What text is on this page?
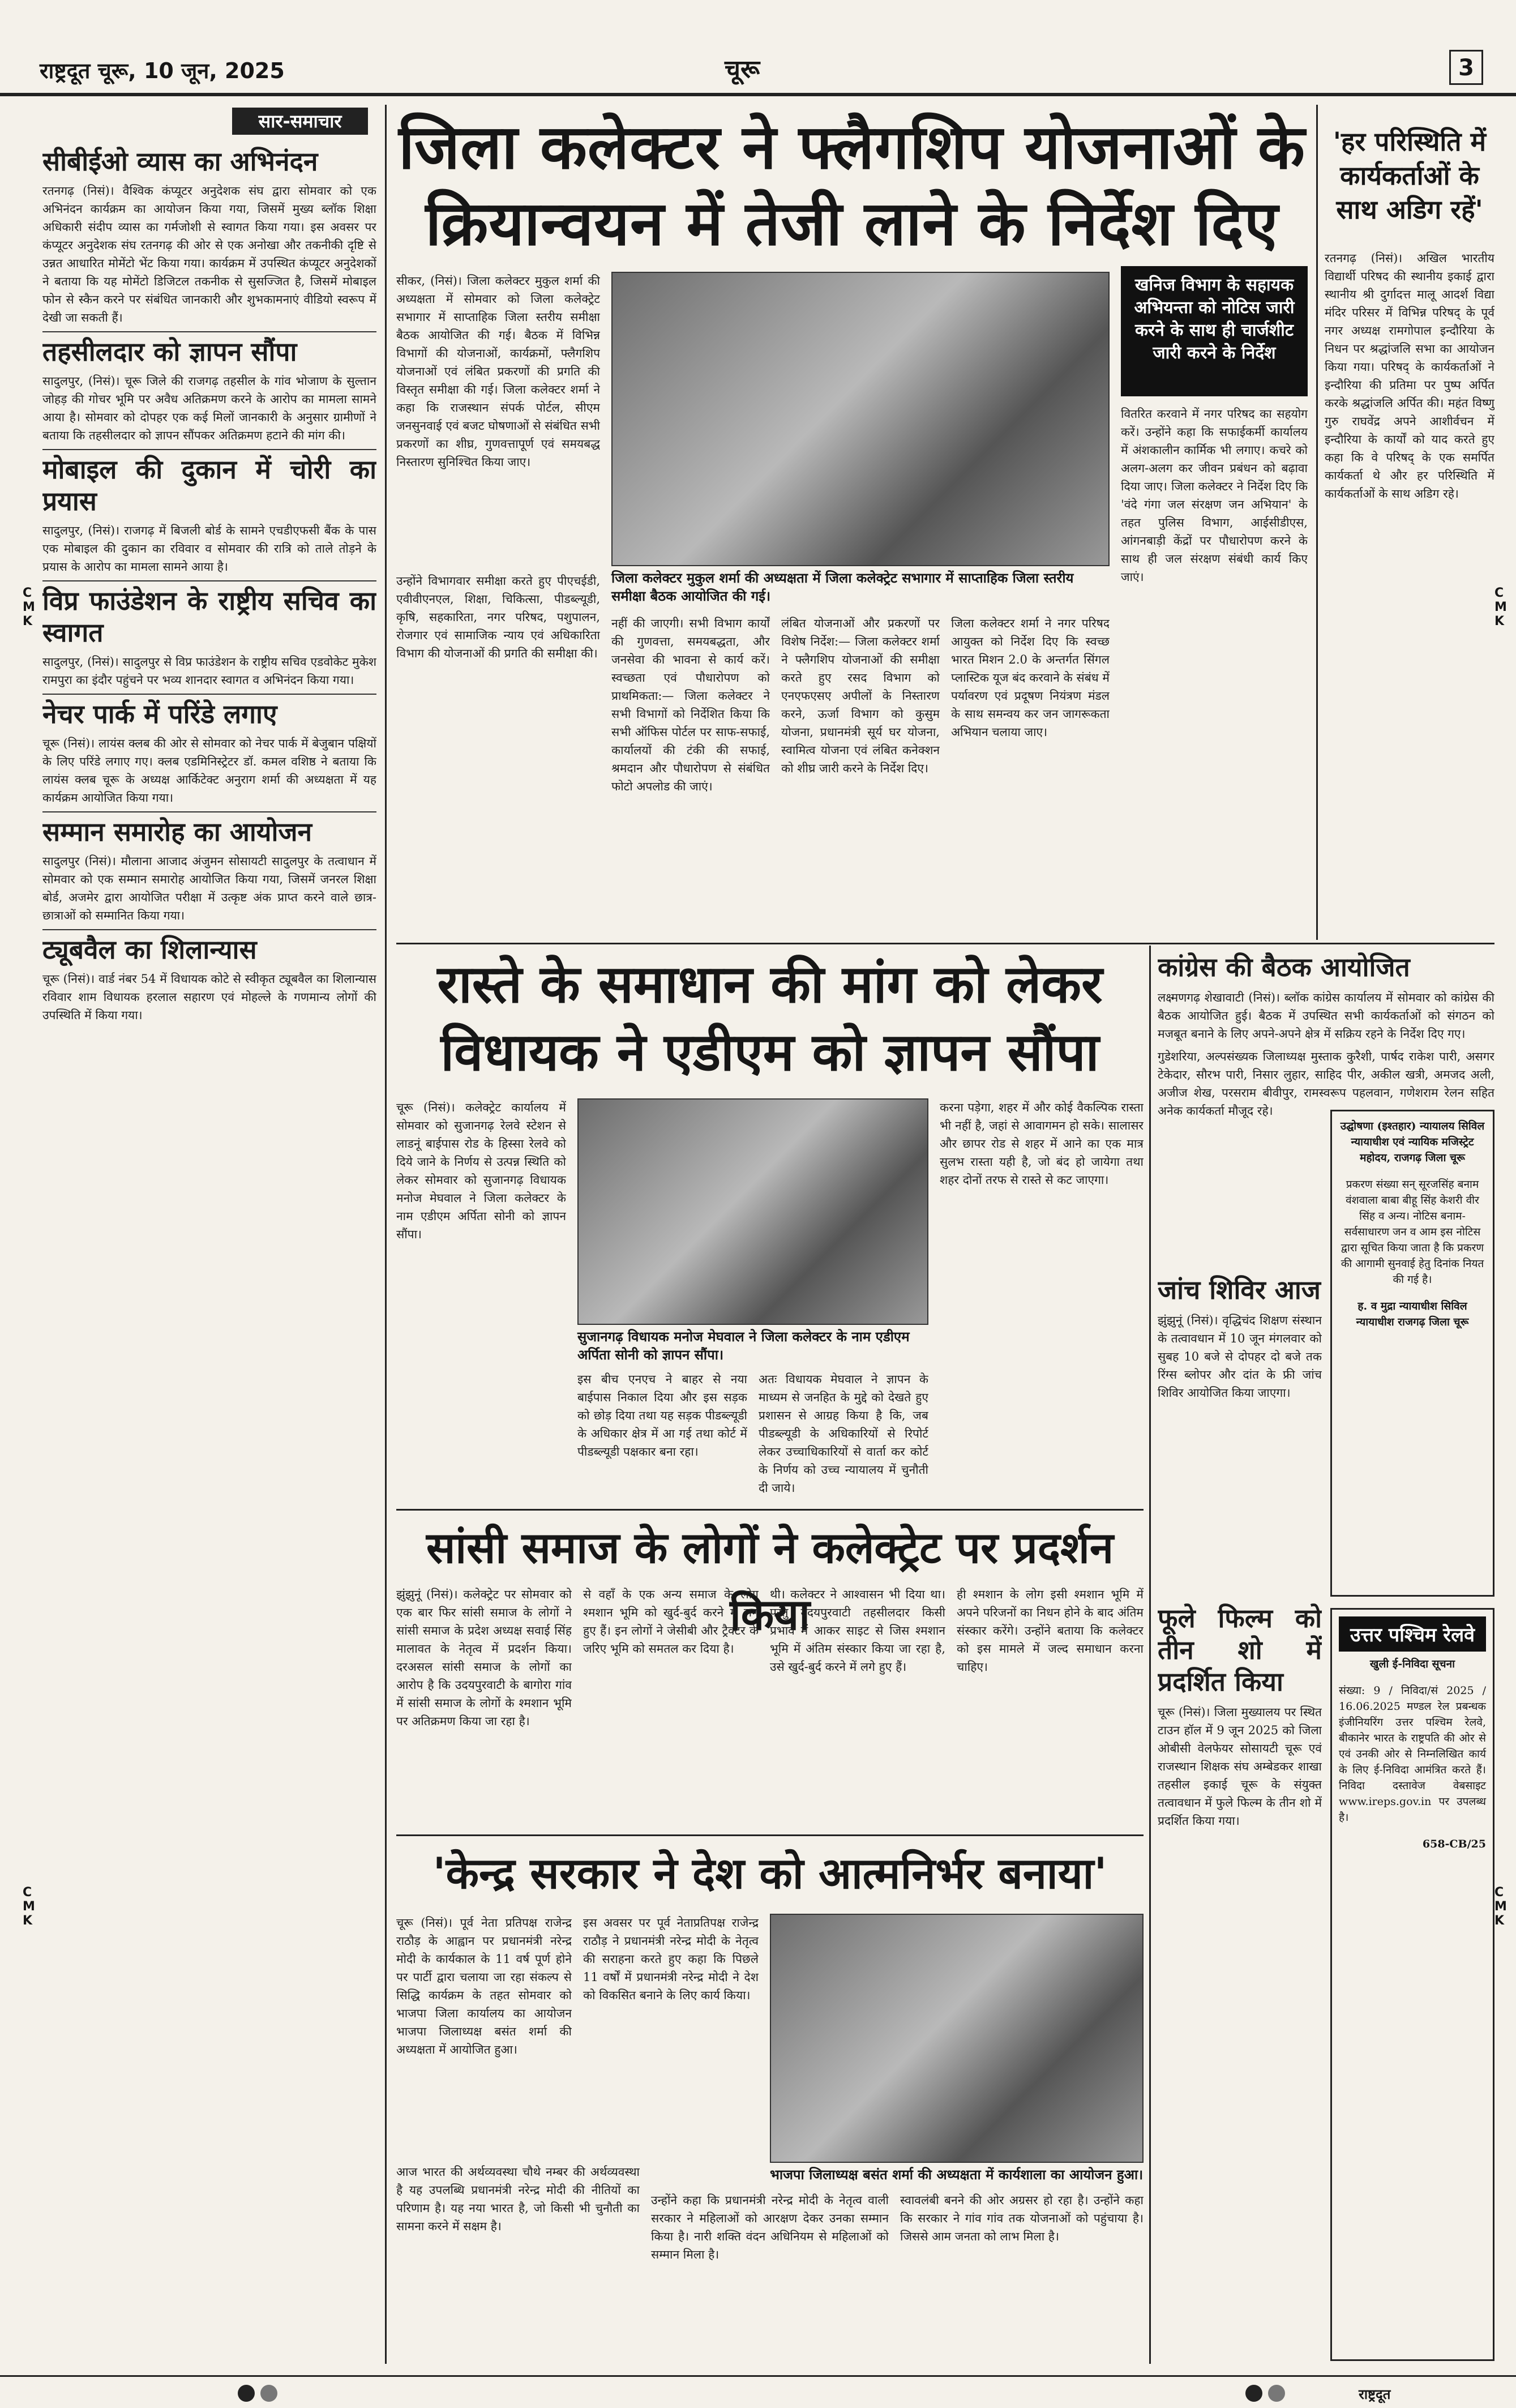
राष्ट्रदूत चूरू, 10 जून, 2025	चूरू	3
C
M
K
C
M
K
C
M
K
C
M
K
सार-समाचार
सीबीईओ व्यास का अभिनंदन

रतनगढ़ (निसं)। वैश्विक कंप्यूटर अनुदेशक संघ द्वारा सोमवार को एक अभिनंदन कार्यक्रम का आयोजन किया गया, जिसमें मुख्य ब्लॉक शिक्षा अधिकारी संदीप व्यास का गर्मजोशी से स्वागत किया गया। इस अवसर पर कंप्यूटर अनुदेशक संघ रतनगढ़ की ओर से एक अनोखा और तकनीकी दृष्टि से उन्नत आधारित मोमेंटो भेंट किया गया। कार्यक्रम में उपस्थित कंप्यूटर अनुदेशकों ने बताया कि यह मोमेंटो डिजिटल तकनीक से सुसज्जित है, जिसमें मोबाइल फोन से स्कैन करने पर संबंधित जानकारी और शुभकामनाएं वीडियो स्वरूप में देखी जा सकती हैं।

तहसीलदार को ज्ञापन सौंपा

सादुलपुर, (निसं)। चूरू जिले की राजगढ़ तहसील के गांव भोजाण के सुल्तान जोहड़ की गोचर भूमि पर अवैध अतिक्रमण करने के आरोप का मामला सामने आया है। सोमवार को दोपहर एक कई मिलों जानकारी के अनुसार ग्रामीणों ने बताया कि तहसीलदार को ज्ञापन सौंपकर अतिक्रमण हटाने की मांग की।

मोबाइल की दुकान में चोरी का प्रयास

सादुलपुर, (निसं)। राजगढ़ में बिजली बोर्ड के सामने एचडीएफसी बैंक के पास एक मोबाइल की दुकान का रविवार व सोमवार की रात्रि को ताले तोड़ने के प्रयास के आरोप का मामला सामने आया है।

विप्र फाउंडेशन के राष्ट्रीय सचिव का स्वागत

सादुलपुर, (निसं)। सादुलपुर से विप्र फाउंडेशन के राष्ट्रीय सचिव एडवोकेट मुकेश रामपुरा का इंदौर पहुंचने पर भव्य शानदार स्वागत व अभिनंदन किया गया।

नेचर पार्क में परिंडे लगाए

चूरू (निसं)। लायंस क्लब की ओर से सोमवार को नेचर पार्क में बेजुबान पक्षियों के लिए परिंडे लगाए गए। क्लब एडमिनिस्ट्रेटर डॉ. कमल वशिष्ठ ने बताया कि लायंस क्लब चूरू के अध्यक्ष आर्किटेक्ट अनुराग शर्मा की अध्यक्षता में यह कार्यक्रम आयोजित किया गया।

सम्मान समारोह का आयोजन

सादुलपुर (निसं)। मौलाना आजाद अंजुमन सोसायटी सादुलपुर के तत्वाधान में सोमवार को एक सम्मान समारोह आयोजित किया गया, जिसमें जनरल शिक्षा बोर्ड, अजमेर द्वारा आयोजित परीक्षा में उत्कृष्ट अंक प्राप्त करने वाले छात्र-छात्राओं को सम्मानित किया गया।

ट्यूबवैल का शिलान्यास

चूरू (निसं)। वार्ड नंबर 54 में विधायक कोटे से स्वीकृत ट्यूबवैल का शिलान्यास रविवार शाम विधायक हरलाल सहारण एवं मोहल्ले के गणमान्य लोगों की उपस्थिति में किया गया।

जिला कलेक्टर ने फ्लैगशिप योजनाओं के
क्रियान्वयन में तेजी लाने के निर्देश दिए
सीकर, (निसं)। जिला कलेक्टर मुकुल शर्मा की अध्यक्षता में सोमवार को जिला कलेक्ट्रेट सभागार में साप्ताहिक जिला स्तरीय समीक्षा बैठक आयोजित की गई। बैठक में विभिन्न विभागों की योजनाओं, कार्यक्रमों, फ्लैगशिप योजनाओं एवं लंबित प्रकरणों की प्रगति की विस्तृत समीक्षा की गई। जिला कलेक्टर शर्मा ने कहा कि राजस्थान संपर्क पोर्टल, सीएम जनसुनवाई एवं बजट घोषणाओं से संबंधित सभी प्रकरणों का शीघ्र, गुणवत्तापूर्ण एवं समयबद्ध निस्तारण सुनिश्चित किया जाए।
खनिज विभाग के सहायक अभियन्ता को नोटिस जारी करने के साथ ही चार्जशीट जारी करने के निर्देश
वितरित करवाने में नगर परिषद का सहयोग करें। उन्होंने कहा कि सफाईकर्मी कार्यालय में अंशकालीन कार्मिक भी लगाए। कचरे को अलग-अलग कर जीवन प्रबंधन को बढ़ावा दिया जाए। जिला कलेक्टर ने निर्देश दिए कि 'वंदे गंगा जल संरक्षण जन अभियान' के तहत पुलिस विभाग, आईसीडीएस, आंगनबाड़ी केंद्रों पर पौधारोपण करने के साथ ही जल संरक्षण संबंधी कार्य किए जाएं।
जिला कलेक्टर मुकुल शर्मा की अध्यक्षता में जिला कलेक्ट्रेट सभागार में साप्ताहिक जिला स्तरीय समीक्षा बैठक आयोजित की गई।
उन्होंने विभागवार समीक्षा करते हुए पीएचईडी, एवीवीएनएल, शिक्षा, चिकित्सा, पीडब्ल्यूडी, कृषि, सहकारिता, नगर परिषद, पशुपालन, रोजगार एवं सामाजिक न्याय एवं अधिकारिता विभाग की योजनाओं की प्रगति की समीक्षा की।
नहीं की जाएगी। सभी विभाग कार्यों की गुणवत्ता, समयबद्धता, और जनसेवा की भावना से कार्य करें। स्वच्छता एवं पौधारोपण को प्राथमिकता:— जिला कलेक्टर ने सभी विभागों को निर्देशित किया कि सभी ऑफिस पोर्टल पर साफ-सफाई, कार्यालयों की टंकी की सफाई, श्रमदान और पौधारोपण से संबंधित फोटो अपलोड की जाएं।
लंबित योजनाओं और प्रकरणों पर विशेष निर्देश:— जिला कलेक्टर शर्मा ने फ्लैगशिप योजनाओं की समीक्षा करते हुए रसद विभाग को एनएफएसए अपीलों के निस्तारण करने, ऊर्जा विभाग को कुसुम योजना, प्रधानमंत्री सूर्य घर योजना, स्वामित्व योजना एवं लंबित कनेक्शन को शीघ्र जारी करने के निर्देश दिए।
जिला कलेक्टर शर्मा ने नगर परिषद आयुक्त को निर्देश दिए कि स्वच्छ भारत मिशन 2.0 के अन्तर्गत सिंगल प्लास्टिक यूज बंद करवाने के संबंध में पर्यावरण एवं प्रदूषण नियंत्रण मंडल के साथ समन्वय कर जन जागरूकता अभियान चलाया जाए।
'हर परिस्थिति में कार्यकर्ताओं के साथ अडिग रहें'
रतनगढ़ (निसं)। अखिल भारतीय विद्यार्थी परिषद की स्थानीय इकाई द्वारा स्थानीय श्री दुर्गादत्त मालू आदर्श विद्या मंदिर परिसर में विभिन्न परिषद् के पूर्व नगर अध्यक्ष रामगोपाल इन्दौरिया के निधन पर श्रद्धांजलि सभा का आयोजन किया गया। परिषद् के कार्यकर्ताओं ने इन्दौरिया की प्रतिमा पर पुष्प अर्पित करके श्रद्धांजलि अर्पित की। महंत विष्णु गुरु राघवेंद्र अपने आशीर्वचन में इन्दौरिया के कार्यों को याद करते हुए कहा कि वे परिषद् के एक समर्पित कार्यकर्ता थे और हर परिस्थिति में कार्यकर्ताओं के साथ अडिग रहे।
रास्ते के समाधान की मांग को लेकर
विधायक ने एडीएम को ज्ञापन सौंपा
चूरू (निसं)। कलेक्ट्रेट कार्यालय में सोमवार को सुजानगढ़ रेलवे स्टेशन से लाडनूं बाईपास रोड के हिस्सा रेलवे को दिये जाने के निर्णय से उत्पन्न स्थिति को लेकर सोमवार को सुजानगढ़ विधायक मनोज मेघवाल ने जिला कलेक्टर के नाम एडीएम अर्पिता सोनी को ज्ञापन सौंपा।
सुजानगढ़ विधायक मनोज मेघवाल ने जिला कलेक्टर के नाम एडीएम अर्पिता सोनी को ज्ञापन सौंपा।
इस बीच एनएच ने बाहर से नया बाईपास निकाल दिया और इस सड़क को छोड़ दिया तथा यह सड़क पीडब्ल्यूडी के अधिकार क्षेत्र में आ गई तथा कोर्ट में पीडब्ल्यूडी पक्षकार बना रहा।
अतः विधायक मेघवाल ने ज्ञापन के माध्यम से जनहित के मुद्दे को देखते हुए प्रशासन से आग्रह किया है कि, जब पीडब्ल्यूडी के अधिकारियों से रिपोर्ट लेकर उच्चाधिकारियों से वार्ता कर कोर्ट के निर्णय को उच्च न्यायालय में चुनौती दी जाये।
करना पड़ेगा, शहर में और कोई वैकल्पिक रास्ता भी नहीं है, जहां से आवागमन हो सके। सालासर और छापर रोड से शहर में आने का एक मात्र सुलभ रास्ता यही है, जो बंद हो जायेगा तथा शहर दोनों तरफ से रास्ते से कट जाएगा।
कांग्रेस की बैठक आयोजित

लक्ष्मणगढ़ शेखावाटी (निसं)। ब्लॉक कांग्रेस कार्यालय में सोमवार को कांग्रेस की बैठक आयोजित हुई। बैठक में उपस्थित सभी कार्यकर्ताओं को संगठन को मजबूत बनाने के लिए अपने-अपने क्षेत्र में सक्रिय रहने के निर्देश दिए गए।

गुडेशरिया, अल्पसंख्यक जिलाध्यक्ष मुस्ताक कुरैशी, पार्षद राकेश पारी, असगर टेकेदार, सौरभ पारी, निसार लुहार, साहिद पीर, अकील खत्री, अमजद अली, अजीज शेख, परसराम बीवीपुर, रामस्वरूप पहलवान, गणेशराम रेलन सहित अनेक कार्यकर्ता मौजूद रहे।

जांच शिविर आज

झुंझुनूं (निसं)। वृद्धिचंद शिक्षण संस्थान के तत्वावधान में 10 जून मंगलवार को सुबह 10 बजे से दोपहर दो बजे तक रिंग्स ब्लोपर और दांत के फ्री जांच शिविर आयोजित किया जाएगा।

उद्घोषणा (इश्तहार) न्यायालय सिविल न्यायाधीश एवं न्यायिक मजिस्ट्रेट महोदय, राजगढ़ जिला चूरू

प्रकरण संख्या सन् सूरजसिंह बनाम वंशवाला बाबा बीहू सिंह केशरी वीर सिंह व अन्य। नोटिस बनाम-सर्वसाधारण जन व आम इस नोटिस द्वारा सूचित किया जाता है कि प्रकरण की आगामी सुनवाई हेतु दिनांक नियत की गई है।

ह. व मुद्रा न्यायाधीश सिविल न्यायाधीश राजगढ़ जिला चूरू
फूले फिल्म को तीन शो में प्रदर्शित किया

चूरू (निसं)। जिला मुख्यालय पर स्थित टाउन हॉल में 9 जून 2025 को जिला ओबीसी वेलफेयर सोसायटी चूरू एवं राजस्थान शिक्षक संघ अम्बेडकर शाखा तहसील इकाई चूरू के संयुक्त तत्वावधान में फुले फिल्म के तीन शो में प्रदर्शित किया गया।

उत्तर पश्चिम रेलवे
खुली ई-निविदा सूचना

संख्या: 9 / निविदा/सं 2025 / 16.06.2025 मण्डल रेल प्रबन्धक इंजीनियरिंग उत्तर पश्चिम रेलवे, बीकानेर भारत के राष्ट्रपति की ओर से एवं उनकी ओर से निम्नलिखित कार्य के लिए ई-निविदा आमंत्रित करते हैं। निविदा दस्तावेज वेबसाइट www.ireps.gov.in पर उपलब्ध है।

658-CB/25
सांसी समाज के लोगों ने कलेक्ट्रेट पर प्रदर्शन किया
झुंझुनूं (निसं)। कलेक्ट्रेट पर सोमवार को एक बार फिर सांसी समाज के लोगों ने सांसी समाज के प्रदेश अध्यक्ष सवाई सिंह मालावत के नेतृत्व में प्रदर्शन किया। दरअसल सांसी समाज के लोगों का आरोप है कि उदयपुरवाटी के बागोरा गांव में सांसी समाज के लोगों के श्मशान भूमि पर अतिक्रमण किया जा रहा है।
से वहाँ के एक अन्य समाज के लोग श्मशान भूमि को खुर्द-बुर्द करने में लगे हुए हैं। इन लोगों ने जेसीबी और ट्रैक्टर के जरिए भूमि को समतल कर दिया है।
थी। कलेक्टर ने आश्वासन भी दिया था। परंतु उदयपुरवाटी तहसीलदार किसी प्रभाव में आकर साइट से जिस श्मशान भूमि में अंतिम संस्कार किया जा रहा है, उसे खुर्द-बुर्द करने में लगे हुए हैं।
ही श्मशान के लोग इसी श्मशान भूमि में अपने परिजनों का निधन होने के बाद अंतिम संस्कार करेंगे। उन्होंने बताया कि कलेक्टर को इस मामले में जल्द समाधान करना चाहिए।
'केन्द्र सरकार ने देश को आत्मनिर्भर बनाया'
चूरू (निसं)। पूर्व नेता प्रतिपक्ष राजेन्द्र राठौड़ के आह्वान पर प्रधानमंत्री नरेन्द्र मोदी के कार्यकाल के 11 वर्ष पूर्ण होने पर पार्टी द्वारा चलाया जा रहा संकल्प से सिद्धि कार्यक्रम के तहत सोमवार को भाजपा जिला कार्यालय का आयोजन भाजपा जिलाध्यक्ष बसंत शर्मा की अध्यक्षता में आयोजित हुआ।
इस अवसर पर पूर्व नेताप्रतिपक्ष राजेन्द्र राठौड़ ने प्रधानमंत्री नरेन्द्र मोदी के नेतृत्व की सराहना करते हुए कहा कि पिछले 11 वर्षों में प्रधानमंत्री नरेन्द्र मोदी ने देश को विकसित बनाने के लिए कार्य किया।
भाजपा जिलाध्यक्ष बसंत शर्मा की अध्यक्षता में कार्यशाला का आयोजन हुआ।
आज भारत की अर्थव्यवस्था चौथे नम्बर की अर्थव्यवस्था है यह उपलब्धि प्रधानमंत्री नरेन्द्र मोदी की नीतियों का परिणाम है। यह नया भारत है, जो किसी भी चुनौती का सामना करने में सक्षम है।
उन्होंने कहा कि प्रधानमंत्री नरेन्द्र मोदी के नेतृत्व वाली सरकार ने महिलाओं को आरक्षण देकर उनका सम्मान किया है। नारी शक्ति वंदन अधिनियम से महिलाओं को सम्मान मिला है।
स्वावलंबी बनने की ओर अग्रसर हो रहा है। उन्होंने कहा कि सरकार ने गांव गांव तक योजनाओं को पहुंचाया है। जिससे आम जनता को लाभ मिला है।
राष्ट्रदूत
